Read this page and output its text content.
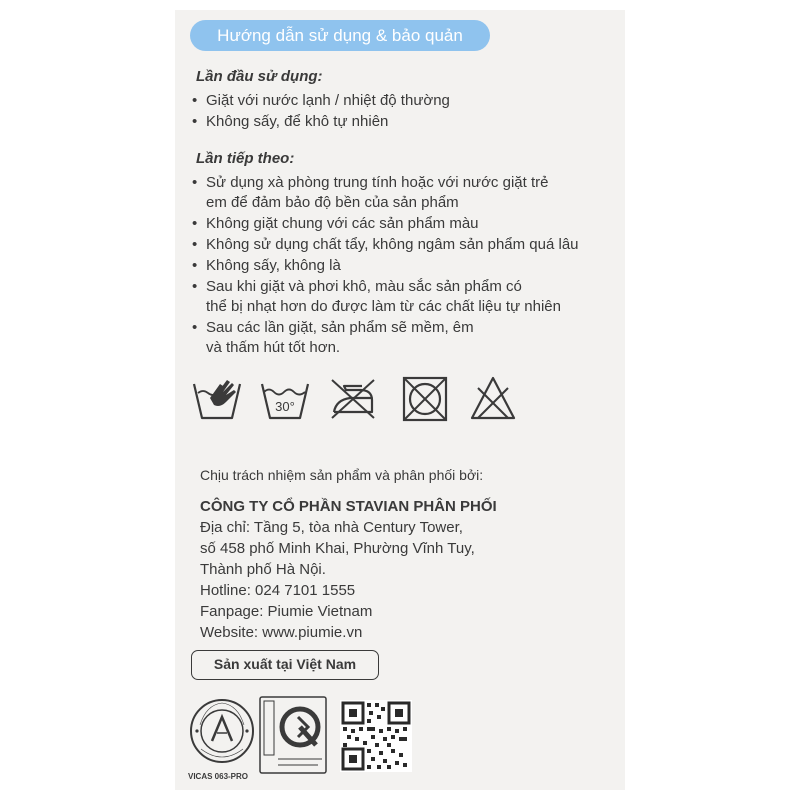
Hướng dẫn sử dụng & bảo quản
Lần đầu sử dụng:
• Giặt với nước lạnh / nhiệt độ thường
• Không sấy, để khô tự nhiên
Lần tiếp theo:
• Sử dụng xà phòng trung tính hoặc với nước giặt trẻ
em để đảm bảo độ bền của sản phẩm
• Không giặt chung với các sản phẩm màu
• Không sử dụng chất tẩy, không ngâm sản phẩm quá lâu
• Không sấy, không là
• Sau khi giặt và phơi khô, màu sắc sản phẩm có
thể bị nhạt hơn do được làm từ các chất liệu tự nhiên
• Sau các lần giặt, sản phẩm sẽ mềm, êm
và thấm hút tốt hơn.
30°
Chịu trách nhiệm sản phẩm và phân phối bởi:
CÔNG TY CỔ PHẦN STAVIAN PHÂN PHỐI
Địa chỉ: Tầng 5, tòa nhà Century Tower,
số 458 phố Minh Khai, Phường Vĩnh Tuy,
Thành phố Hà Nội.
Hotline: 024 7101 1555
Fanpage: Piumie Vietnam
Website: www.piumie.vn
Sản xuất tại Việt Nam
VICAS 063-PRO
